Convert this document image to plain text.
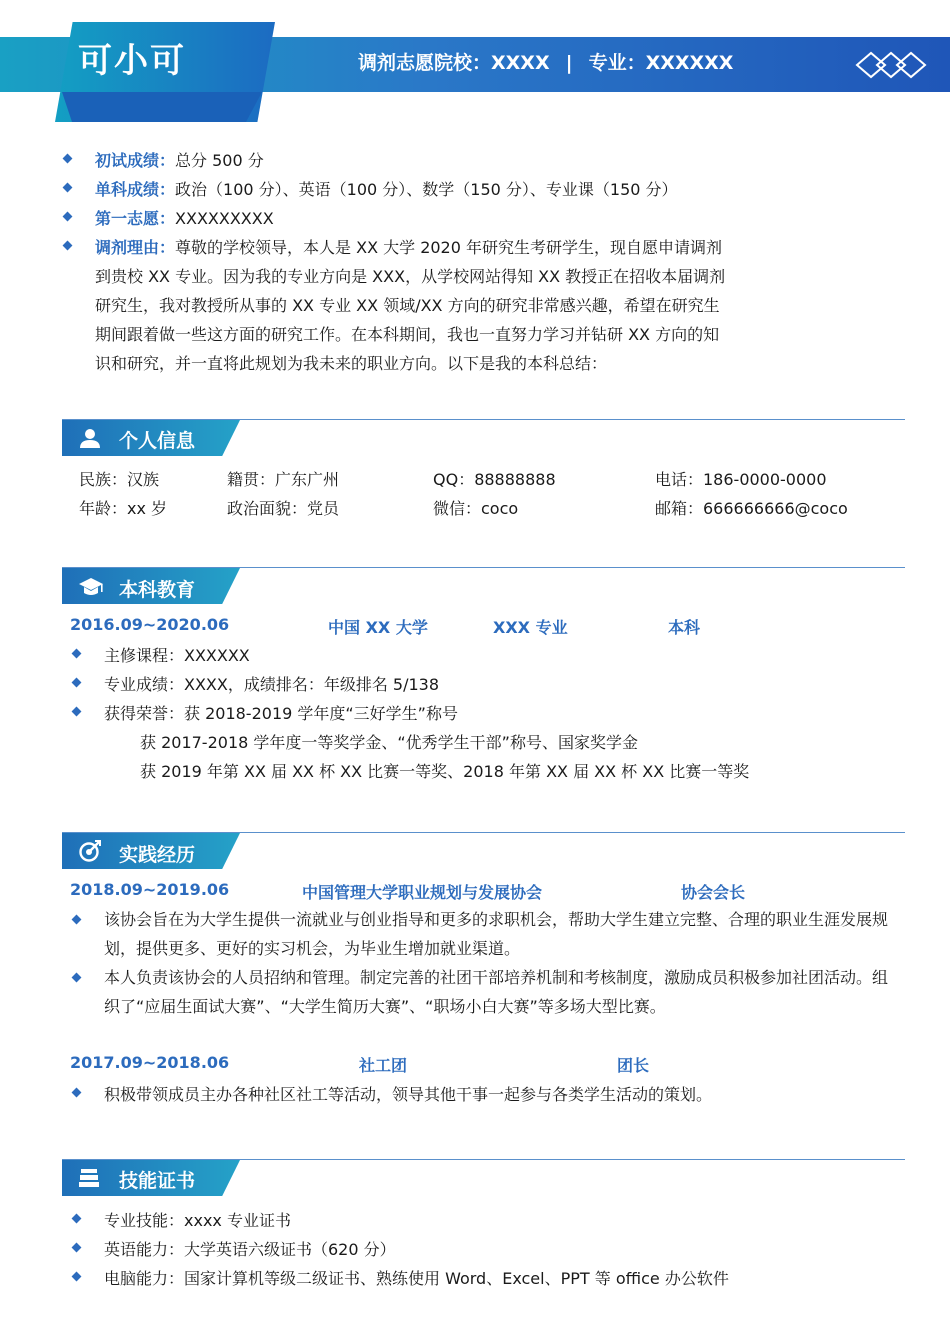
可小可	调剂志愿院校：XXXX | 专业：XXXXXX
初试成绩：总分 500 分
单科成绩：政治（100 分）、英语（100 分）、数学（150 分）、专业课（150 分）
第一志愿：XXXXXXXXX
调剂理由：尊敬的学校领导，本人是 XX 大学 2020 年研究生考研学生，现自愿申请调剂到贵校 XX 专业。因为我的专业方向是 XXX，从学校网站得知 XX 教授正在招收本届调剂研究生，我对教授所从事的 XX 专业 XX 领域/XX 方向的研究非常感兴趣，希望在研究生期间跟着做一些这方面的研究工作。在本科期间，我也一直努力学习并钻研 XX 方向的知识和研究，并一直将此规划为我未来的职业方向。以下是我的本科总结：
个人信息
民族：汉族	籍贯：广东广州	QQ：88888888	电话：186-0000-0000
年龄：xx 岁	政治面貌：党员	微信：coco	邮箱：666666666@coco
本科教育
2016.09~2020.06	中国 XX 大学	XXX 专业	本科
主修课程：XXXXXX
专业成绩：XXXX，成绩排名：年级排名 5/138
获得荣誉：获 2018-2019 学年度“三好学生”称号
获 2017-2018 学年度一等奖学金、“优秀学生干部”称号、国家奖学金
获 2019 年第 XX 届 XX 杯 XX 比赛一等奖、2018 年第 XX 届 XX 杯 XX 比赛一等奖
实践经历
2018.09~2019.06	中国管理大学职业规划与发展协会	协会会长
该协会旨在为大学生提供一流就业与创业指导和更多的求职机会，帮助大学生建立完整、合理的职业生涯发展规划，提供更多、更好的实习机会，为毕业生增加就业渠道。
本人负责该协会的人员招纳和管理。制定完善的社团干部培养机制和考核制度，激励成员积极参加社团活动。组织了“应届生面试大赛”、“大学生简历大赛”、“职场小白大赛”等多场大型比赛。
2017.09~2018.06	社工团	团长
积极带领成员主办各种社区社工等活动，领导其他干事一起参与各类学生活动的策划。
技能证书
专业技能：xxxx 专业证书
英语能力：大学英语六级证书（620 分）
电脑能力：国家计算机等级二级证书、熟练使用 Word、Excel、PPT 等 office 办公软件
